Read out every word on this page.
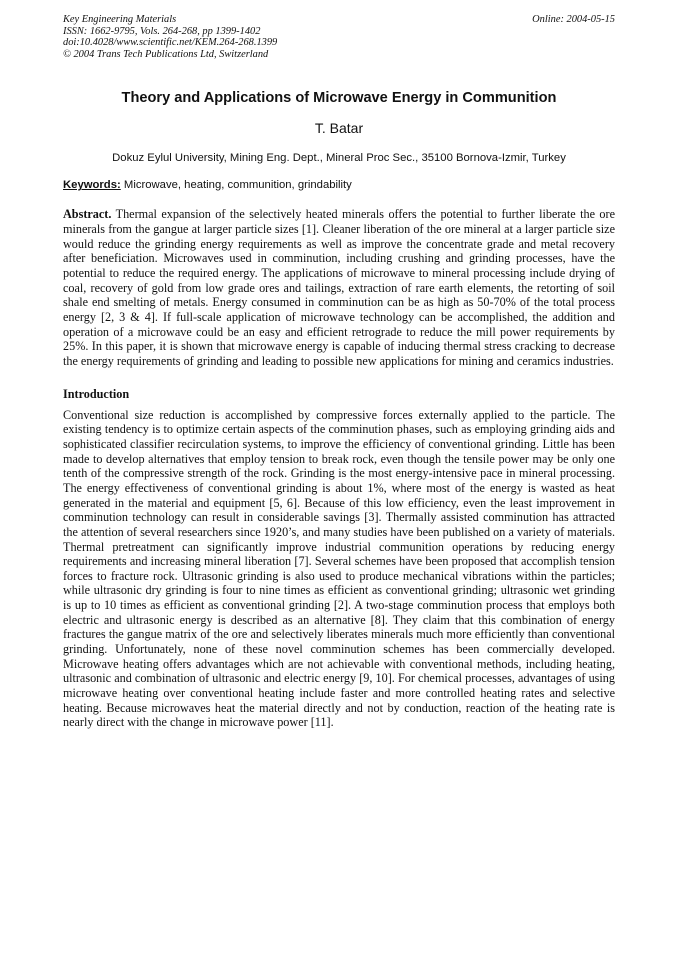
Key Engineering Materials
ISSN: 1662-9795, Vols. 264-268, pp 1399-1402
doi:10.4028/www.scientific.net/KEM.264-268.1399
© 2004 Trans Tech Publications Ltd, Switzerland
Online: 2004-05-15
Theory and Applications of Microwave Energy in Communition
T. Batar
Dokuz Eylul University, Mining Eng. Dept., Mineral Proc Sec., 35100 Bornova-Izmir, Turkey
Keywords: Microwave, heating, communition, grindability
Abstract. Thermal expansion of the selectively heated minerals offers the potential to further liberate the ore minerals from the gangue at larger particle sizes [1]. Cleaner liberation of the ore mineral at a larger particle size would reduce the grinding energy requirements as well as improve the concentrate grade and metal recovery after beneficiation. Microwaves used in comminution, including crushing and grinding processes, have the potential to reduce the required energy. The applications of microwave to mineral processing include drying of coal, recovery of gold from low grade ores and tailings, extraction of rare earth elements, the retorting of soil shale end smelting of metals. Energy consumed in comminution can be as high as 50-70% of the total process energy [2, 3 & 4]. If full-scale application of microwave technology can be accomplished, the addition and operation of a microwave could be an easy and efficient retrograde to reduce the mill power requirements by 25%. In this paper, it is shown that microwave energy is capable of inducing thermal stress cracking to decrease the energy requirements of grinding and leading to possible new applications for mining and ceramics industries.
Introduction
Conventional size reduction is accomplished by compressive forces externally applied to the particle. The existing tendency is to optimize certain aspects of the comminution phases, such as employing grinding aids and sophisticated classifier recirculation systems, to improve the efficiency of conventional grinding. Little has been made to develop alternatives that employ tension to break rock, even though the tensile power may be only one tenth of the compressive strength of the rock. Grinding is the most energy-intensive pace in mineral processing. The energy effectiveness of conventional grinding is about 1%, where most of the energy is wasted as heat generated in the material and equipment [5, 6]. Because of this low efficiency, even the least improvement in comminution technology can result in considerable savings [3]. Thermally assisted comminution has attracted the attention of several researchers since 1920’s, and many studies have been published on a variety of materials. Thermal pretreatment can significantly improve industrial communition operations by reducing energy requirements and increasing mineral liberation [7]. Several schemes have been proposed that accomplish tension forces to fracture rock. Ultrasonic grinding is also used to produce mechanical vibrations within the particles; while ultrasonic dry grinding is four to nine times as efficient as conventional grinding; ultrasonic wet grinding is up to 10 times as efficient as conventional grinding [2]. A two-stage comminution process that employs both electric and ultrasonic energy is described as an alternative [8]. They claim that this combination of energy fractures the gangue matrix of the ore and selectively liberates minerals much more efficiently than conventional grinding. Unfortunately, none of these novel comminution schemes has been commercially developed. Microwave heating offers advantages which are not achievable with conventional methods, including heating, ultrasonic and combination of ultrasonic and electric energy [9, 10]. For chemical processes, advantages of using microwave heating over conventional heating include faster and more controlled heating rates and selective heating. Because microwaves heat the material directly and not by conduction, reaction of the heating rate is nearly direct with the change in microwave power [11].
